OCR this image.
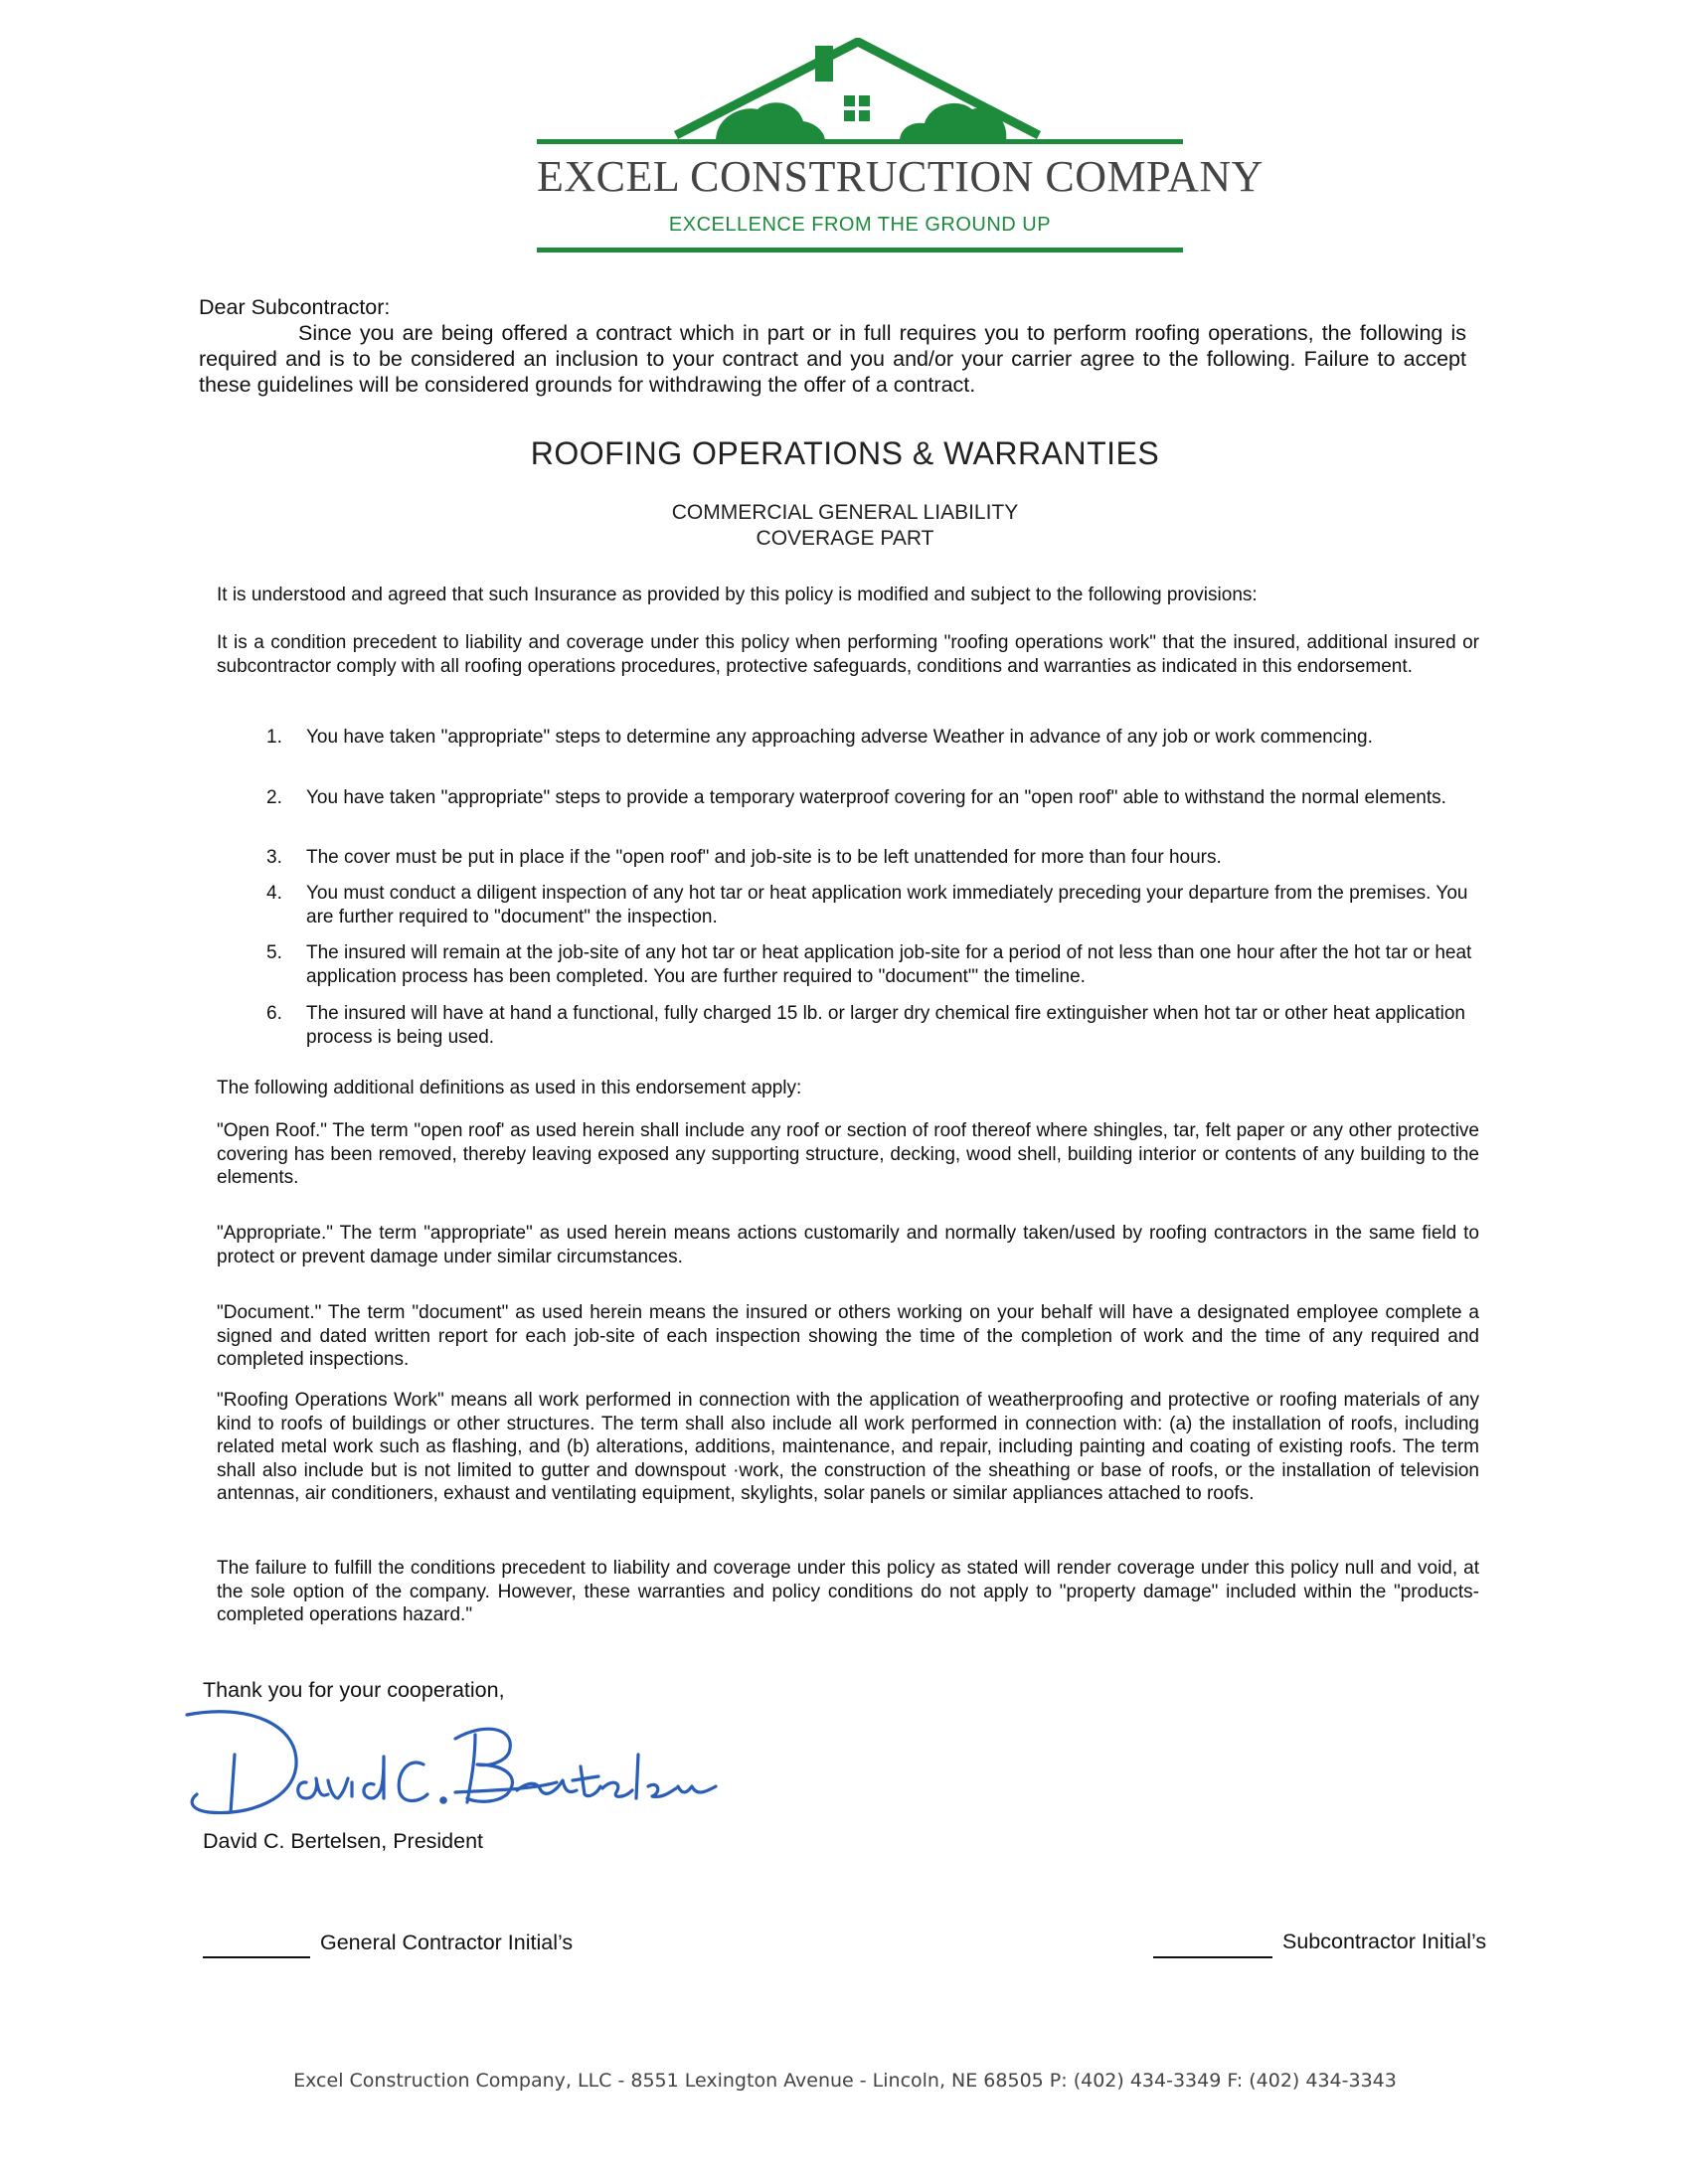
EXCEL CONSTRUCTION COMPANY
EXCELLENCE FROM THE GROUND UP
Dear Subcontractor:
Since you are being offered a contract which in part or in full requires you to perform roofing operations, the following is required and is to be considered an inclusion to your contract and you and/or your carrier agree to the following. Failure to accept these guidelines will be considered grounds for withdrawing the offer of a contract.
ROOFING OPERATIONS & WARRANTIES
COMMERCIAL GENERAL LIABILITY
COVERAGE PART
It is understood and agreed that such Insurance as provided by this policy is modified and subject to the following provisions:
It is a condition precedent to liability and coverage under this policy when performing "roofing operations work" that the insured, additional insured or subcontractor comply with all roofing operations procedures, protective safeguards, conditions and warranties as indicated in this endorsement.
1.	You have taken "appropriate" steps to determine any approaching adverse Weather in advance of any job or work commencing.
2.	You have taken "appropriate" steps to provide a temporary waterproof covering for an "open roof" able to withstand the normal elements.
3.	The cover must be put in place if the "open roof" and job-site is to be left unattended for more than four hours.
4.	You must conduct a diligent inspection of any hot tar or heat application work immediately preceding your departure from the premises. You are further required to "document" the inspection.
5.	The insured will remain at the job-site of any hot tar or heat application job-site for a period of not less than one hour after the hot tar or heat application process has been completed. You are further required to "document"' the timeline.
6.	The insured will have at hand a functional, fully charged 15 lb. or larger dry chemical fire extinguisher when hot tar or other heat application process is being used.
The following additional definitions as used in this endorsement apply:
"Open Roof." The term "open roof' as used herein shall include any roof or section of roof thereof where shingles, tar, felt paper or any other protective covering has been removed, thereby leaving exposed any supporting structure, decking, wood shell, building interior or contents of any building to the elements.
"Appropriate." The term "appropriate" as used herein means actions customarily and normally taken/used by roofing contractors in the same field to protect or prevent damage under similar circumstances.
"Document." The term "document" as used herein means the insured or others working on your behalf will have a designated employee complete a signed and dated written report for each job-site of each inspection showing the time of the completion of work and the time of any required and completed inspections.
"Roofing Operations Work" means all work performed in connection with the application of weatherproofing and protective or roofing materials of any kind to roofs of buildings or other structures. The term shall also include all work performed in connection with: (a) the installation of roofs, including related metal work such as flashing, and (b) alterations, additions, maintenance, and repair, including painting and coating of existing roofs. The term shall also include but is not limited to gutter and downspout ·work, the construction of the sheathing or base of roofs, or the installation of television antennas, air conditioners, exhaust and ventilating equipment, skylights, solar panels or similar appliances attached to roofs.
The failure to fulfill the conditions precedent to liability and coverage under this policy as stated will render coverage under this policy null and void, at the sole option of the company. However, these warranties and policy conditions do not apply to "property damage" included within the "products-completed operations hazard."
Thank you for your cooperation,
David C. Bertelsen, President
General Contractor Initial’s	Subcontractor Initial’s
Excel Construction Company, LLC - 8551 Lexington Avenue - Lincoln, NE 68505 P: (402) 434-3349 F: (402) 434-3343
